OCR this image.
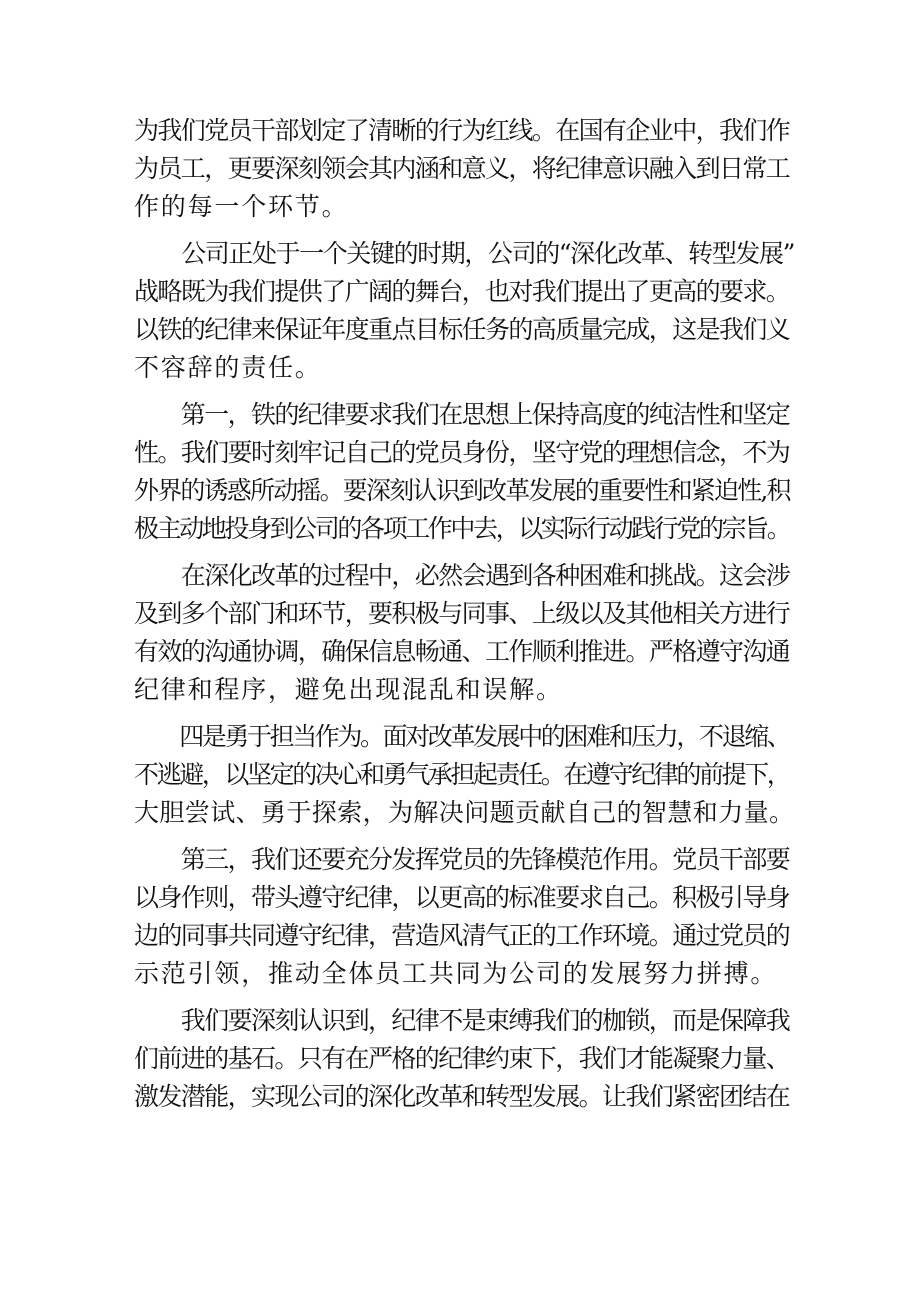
为我们党员干部划定了清晰的行为红线。在国有企业中，我们作
为员工，更要深刻领会其内涵和意义，将纪律意识融入到日常工
作的每一个环节。

　　公司正处于一个关键的时期，公司的“深化改革、转型发展”
战略既为我们提供了广阔的舞台，也对我们提出了更高的要求。
以铁的纪律来保证年度重点目标任务的高质量完成，这是我们义
不容辞的责任。

　　第一，铁的纪律要求我们在思想上保持高度的纯洁性和坚定
性。我们要时刻牢记自己的党员身份，坚守党的理想信念，不为
外界的诱惑所动摇。要深刻认识到改革发展的重要性和紧迫性,积
极主动地投身到公司的各项工作中去，以实际行动践行党的宗旨。

　　在深化改革的过程中，必然会遇到各种困难和挑战。这会涉
及到多个部门和环节，要积极与同事、上级以及其他相关方进行
有效的沟通协调，确保信息畅通、工作顺利推进。严格遵守沟通
纪律和程序，避免出现混乱和误解。

　　四是勇于担当作为。面对改革发展中的困难和压力，不退缩、
不逃避，以坚定的决心和勇气承担起责任。在遵守纪律的前提下，
大胆尝试、勇于探索，为解决问题贡献自己的智慧和力量。

　　第三，我们还要充分发挥党员的先锋模范作用。党员干部要
以身作则，带头遵守纪律，以更高的标准要求自己。积极引导身
边的同事共同遵守纪律，营造风清气正的工作环境。通过党员的
示范引领，推动全体员工共同为公司的发展努力拼搏。

　　我们要深刻认识到，纪律不是束缚我们的枷锁，而是保障我
们前进的基石。只有在严格的纪律约束下，我们才能凝聚力量、
激发潜能，实现公司的深化改革和转型发展。让我们紧密团结在
